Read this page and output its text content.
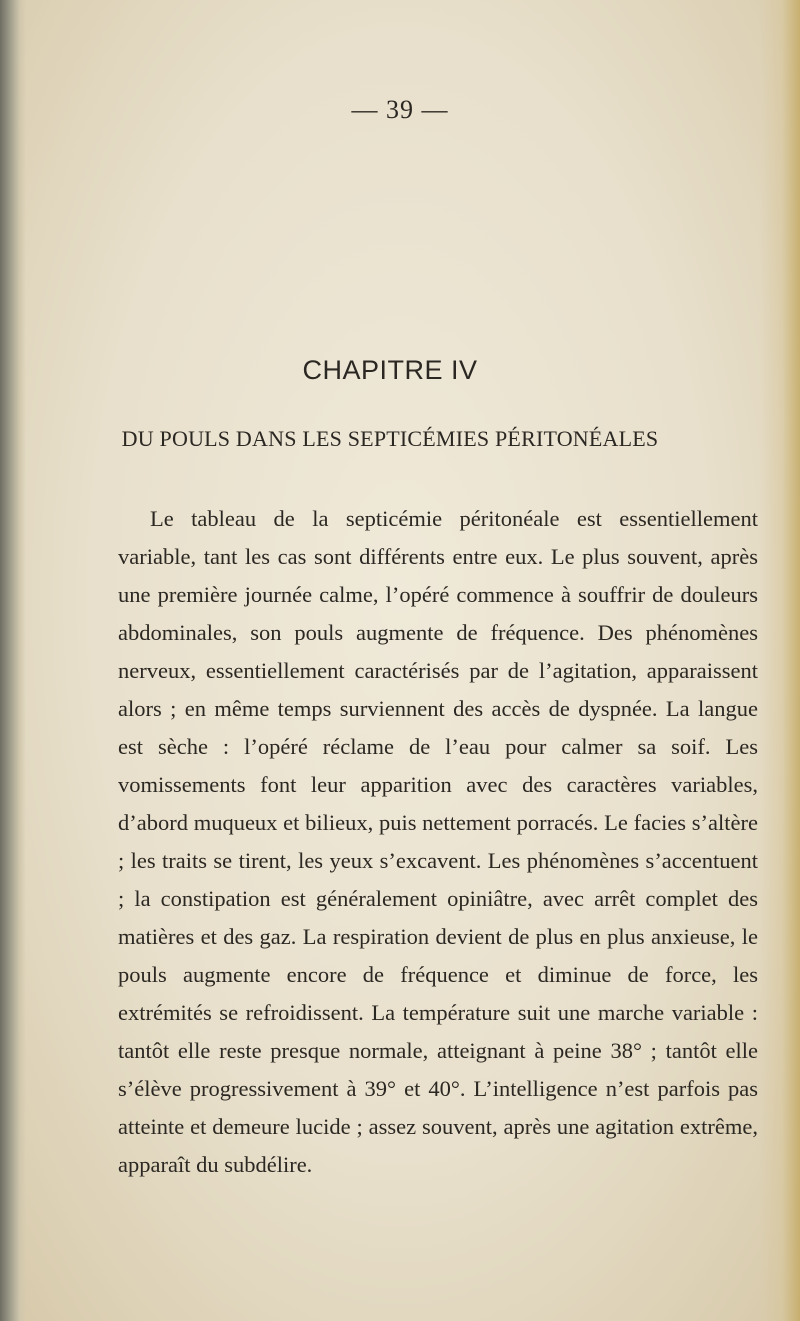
— 39 —
CHAPITRE IV
DU POULS DANS LES SEPTICÉMIES PÉRITONÉALES

Le tableau de la septicémie péritonéale est essentiellement variable, tant les cas sont différents entre eux. Le plus souvent, après une première journée calme, l’opéré commence à souffrir de douleurs abdominales, son pouls augmente de fréquence. Des phénomènes nerveux, essentiellement caractérisés par de l’agitation, apparaissent alors ; en même temps surviennent des accès de dyspnée. La langue est sèche : l’opéré réclame de l’eau pour calmer sa soif. Les vomissements font leur apparition avec des caractères variables, d’abord muqueux et bilieux, puis nettement porracés. Le facies s’altère ; les traits se tirent, les yeux s’excavent. Les phénomènes s’accentuent ; la constipation est généralement opiniâtre, avec arrêt complet des matières et des gaz. La respiration devient de plus en plus anxieuse, le pouls augmente encore de fréquence et diminue de force, les extrémités se refroidissent. La température suit une marche variable : tantôt elle reste presque normale, atteignant à peine 38° ; tantôt elle s’élève progressivement à 39° et 40°. L’intelligence n’est parfois pas atteinte et demeure lucide ; assez souvent, après une agitation extrême, apparaît du subdélire.
